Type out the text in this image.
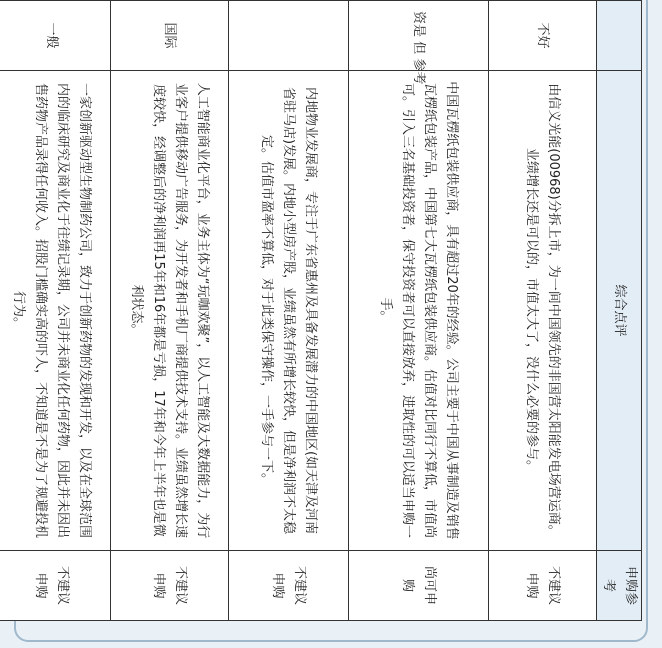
	综合点评	申购参考
不好	由信义光能(00968)分拆上市，为一间中国领先的非国营太阳能发电场营运商。业绩增长还是可以的，市值太大了，没什么必要的参与。	不建议申购
资是 但 参考	中国瓦楞纸包装供应商，具有超过20年的经验。公司主要于中国从事制造及销售瓦楞纸包装产品，中国第七大瓦楞纸包装供应商。估值对比同行不算低，市值尚可。引入三名基础投资者，保守投资者可以直接放弃，进取性的可以适当申购一手。	尚可申购
	内地物业发展商，专注于广东省惠州及具备发展潜力的中国地区(如天津及河南省驻马店)发展。内地小型房产股，业绩虽然有所增长较快，但是净利润不太稳定。估值市盈率不算低，对于此类保守操作，一手参与一下。	不建议申购
国际	人工智能商业化平台，业务主体为“玩咖欢聚”，以人工智能及大数据能力，为行业客户提供移动广告服务，为开发者和手机厂商提供技术支持。业绩虽然增长速度较快，经调整后的净利润再15年和16年都是亏损，17年和今年上半年也是微利状态。	不建议申购
一般	一家创新驱动型生物制药公司，致力于创新药物的发现和开发，以及在全球范围内的临床研究及商业化于往绩记录期，公司并未商业化任何药物，因此并未因出售药物产品录得任何收入。招股门槛确实高的吓人，不知道是不是为了规避投机行为。	不建议申购
